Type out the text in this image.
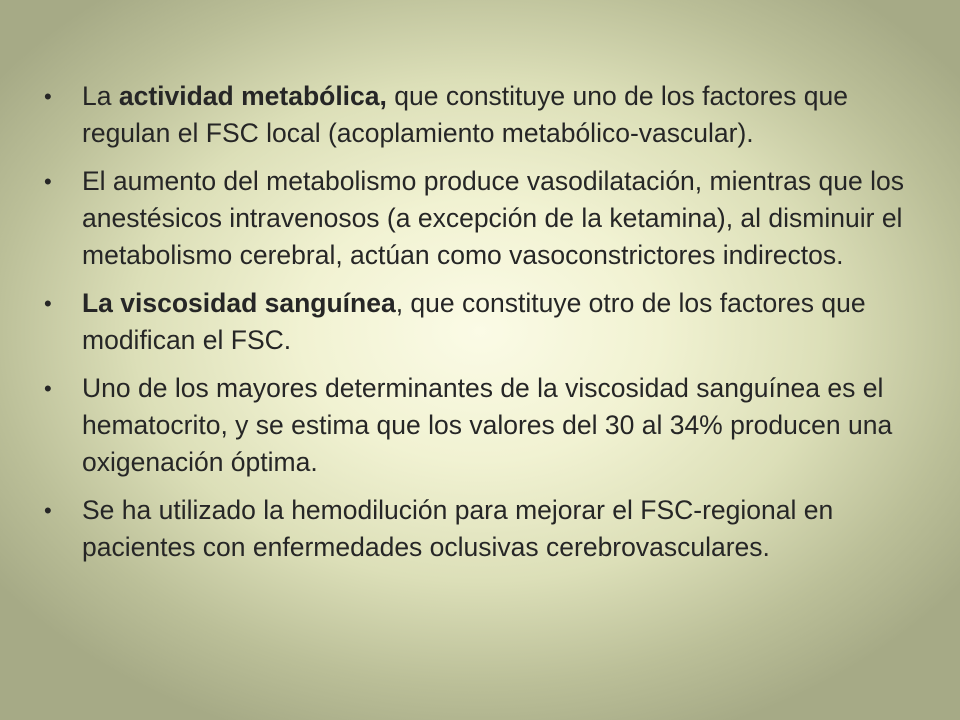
•	La actividad metabólica, que constituye uno de los factores que regulan el FSC local (acoplamiento metabólico-vascular).
•	El aumento del metabolismo produce vasodilatación, mientras que los anestésicos intravenosos (a excepción de la ketamina), al disminuir el metabolismo cerebral, actúan como vasoconstrictores indirectos.
•	La viscosidad sanguínea, que constituye otro de los factores que modifican el FSC.
•	Uno de los mayores determinantes de la viscosidad sanguínea es el hematocrito, y se estima que los valores del 30 al 34% producen una oxigenación óptima.
•	Se ha utilizado la hemodilución para mejorar el FSC-regional en pacientes con enfermedades oclusivas cerebrovasculares.
